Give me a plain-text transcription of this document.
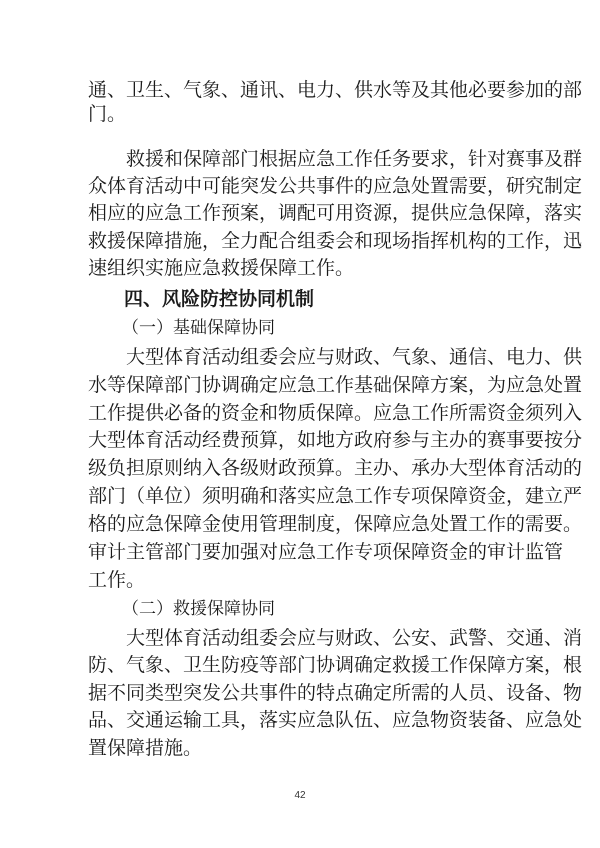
通、卫生、气象、通讯、电力、供水等及其他必要参加的部
门。
救援和保障部门根据应急工作任务要求，针对赛事及群
众体育活动中可能突发公共事件的应急处置需要，研究制定
相应的应急工作预案，调配可用资源，提供应急保障，落实
救援保障措施，全力配合组委会和现场指挥机构的工作，迅
速组织实施应急救援保障工作。
四、风险防控协同机制
（一）基础保障协同
大型体育活动组委会应与财政、气象、通信、电力、供
水等保障部门协调确定应急工作基础保障方案，为应急处置
工作提供必备的资金和物质保障。应急工作所需资金须列入
大型体育活动经费预算，如地方政府参与主办的赛事要按分
级负担原则纳入各级财政预算。主办、承办大型体育活动的
部门（单位）须明确和落实应急工作专项保障资金，建立严
格的应急保障金使用管理制度，保障应急处置工作的需要。
审计主管部门要加强对应急工作专项保障资金的审计监管
工作。
（二）救援保障协同
大型体育活动组委会应与财政、公安、武警、交通、消
防、气象、卫生防疫等部门协调确定救援工作保障方案，根
据不同类型突发公共事件的特点确定所需的人员、设备、物
品、交通运输工具，落实应急队伍、应急物资装备、应急处
置保障措施。
42
